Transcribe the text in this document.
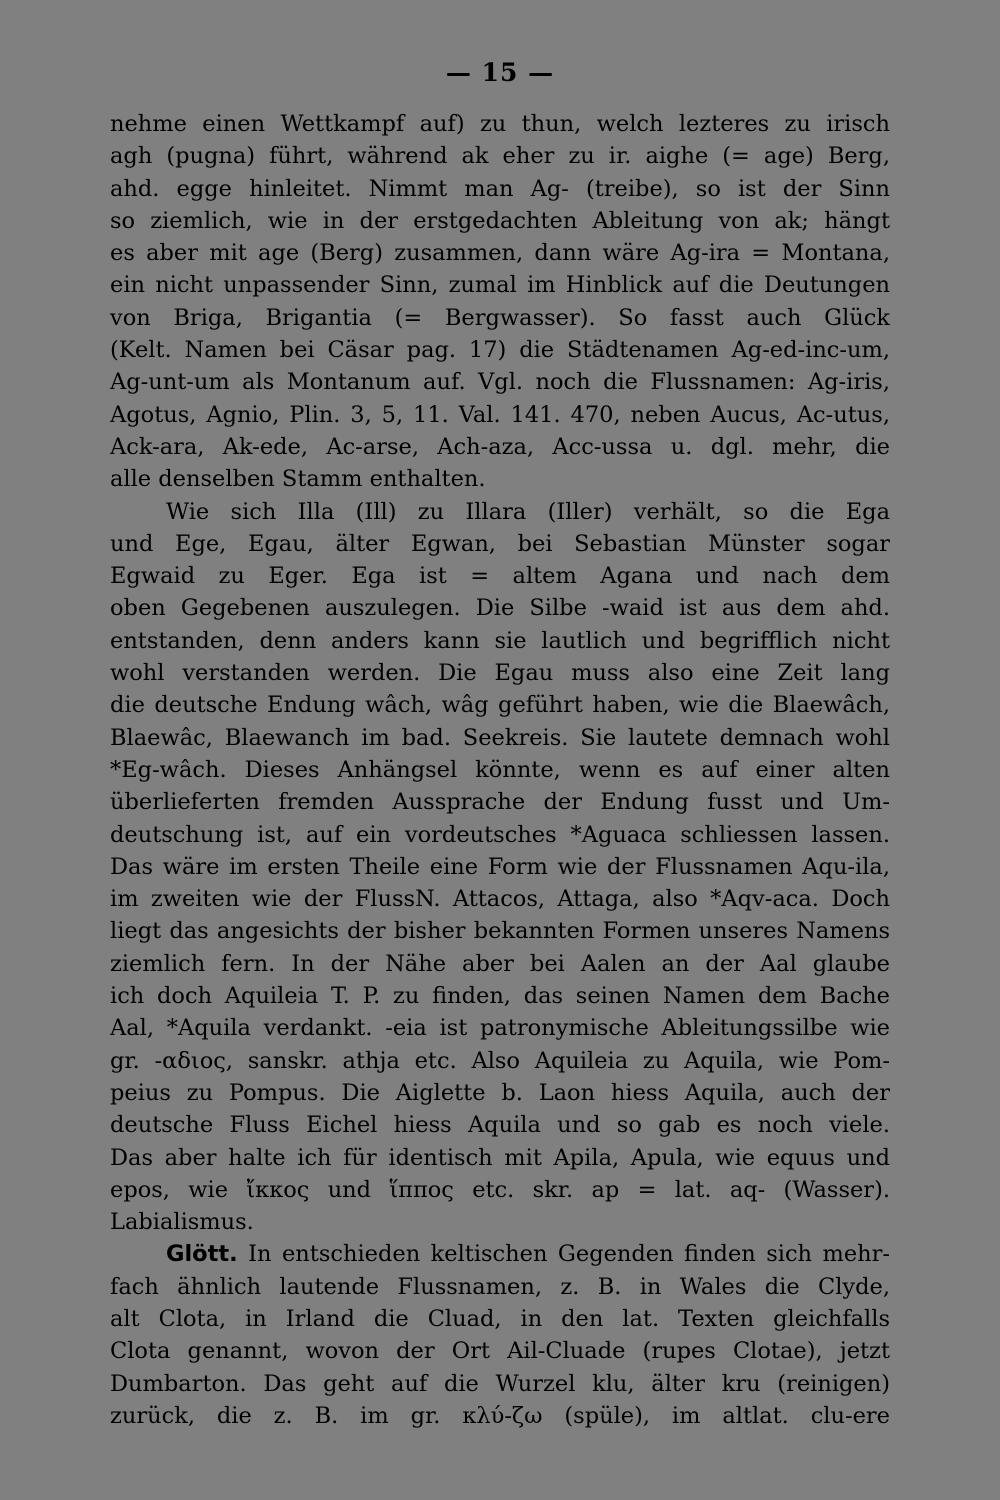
— 15 —
nehme einen Wettkampf auf) zu thun, welch lezteres zu irisch
agh (pugna) führt, während ak eher zu ir. aighe (= age) Berg,
ahd. egge hinleitet. Nimmt man Ag- (treibe), so ist der Sinn
so ziemlich, wie in der erstgedachten Ableitung von ak; hängt
es aber mit age (Berg) zusammen, dann wäre Ag-ira = Montana,
ein nicht unpassender Sinn, zumal im Hinblick auf die Deutungen
von Briga, Brigantia (= Bergwasser). So fasst auch Glück
(Kelt. Namen bei Cäsar pag. 17) die Städtenamen Ag-ed-inc-um,
Ag-unt-um als Montanum auf. Vgl. noch die Flussnamen: Ag-iris,
Agotus, Agnio, Plin. 3, 5, 11. Val. 141. 470, neben Aucus, Ac-utus,
Ack-ara, Ak-ede, Ac-arse, Ach-aza, Acc-ussa u. dgl. mehr, die
alle denselben Stamm enthalten.
Wie sich Illa (Ill) zu Illara (Iller) verhält, so die Ega
und Ege, Egau, älter Egwan, bei Sebastian Münster sogar
Egwaid zu Eger. Ega ist = altem Agana und nach dem
oben Gegebenen auszulegen. Die Silbe -waid ist aus dem ahd.
entstanden, denn anders kann sie lautlich und begrifflich nicht
wohl verstanden werden. Die Egau muss also eine Zeit lang
die deutsche Endung wâch, wâg geführt haben, wie die Blaewâch,
Blaewâc, Blaewanch im bad. Seekreis. Sie lautete demnach wohl
*Eg-wâch. Dieses Anhängsel könnte, wenn es auf einer alten
überlieferten fremden Aussprache der Endung fusst und Um-
deutschung ist, auf ein vordeutsches *Aguaca schliessen lassen.
Das wäre im ersten Theile eine Form wie der Flussnamen Aqu-ila,
im zweiten wie der FlussN. Attacos, Attaga, also *Aqv-aca. Doch
liegt das angesichts der bisher bekannten Formen unseres Namens
ziemlich fern. In der Nähe aber bei Aalen an der Aal glaube
ich doch Aquileia T. P. zu finden, das seinen Namen dem Bache
Aal, *Aquila verdankt. -eia ist patronymische Ableitungssilbe wie
gr. -αδιος, sanskr. athja etc. Also Aquileia zu Aquila, wie Pom-
peius zu Pompus. Die Aiglette b. Laon hiess Aquila, auch der
deutsche Fluss Eichel hiess Aquila und so gab es noch viele.
Das aber halte ich für identisch mit Apila, Apula, wie equus und
epos, wie ἴκκος und ἵππος etc. skr. ap = lat. aq- (Wasser).
Labialismus.
Glött. In entschieden keltischen Gegenden finden sich mehr-
fach ähnlich lautende Flussnamen, z. B. in Wales die Clyde,
alt Clota, in Irland die Cluad, in den lat. Texten gleichfalls
Clota genannt, wovon der Ort Ail-Cluade (rupes Clotae), jetzt
Dumbarton. Das geht auf die Wurzel klu, älter kru (reinigen)
zurück, die z. B. im gr. κλύ-ζω (spüle), im altlat. clu-ere
